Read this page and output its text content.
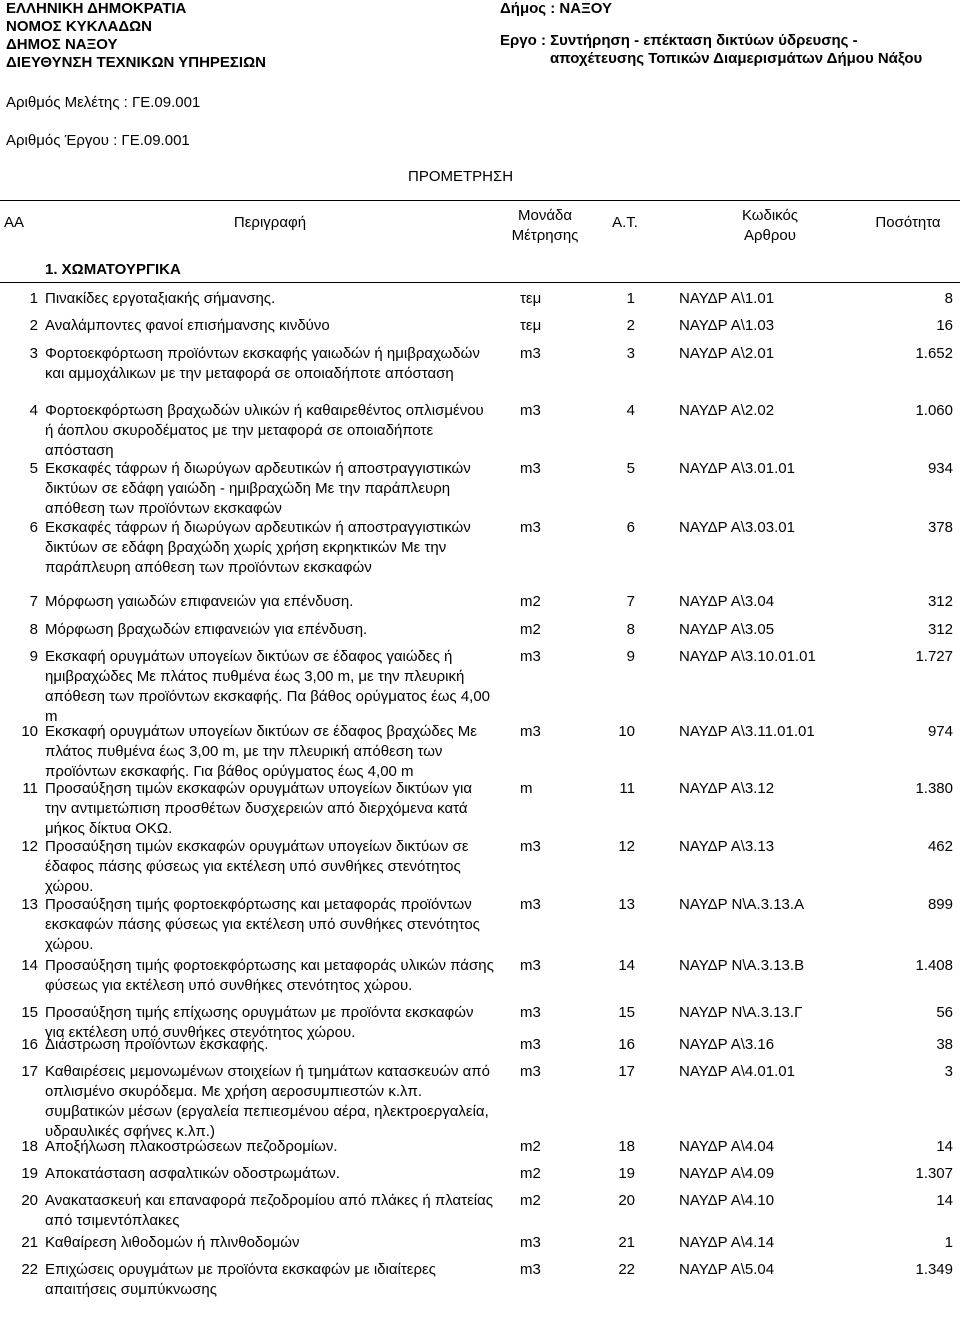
ΕΛΛΗΝΙΚΗ ΔΗΜΟΚΡΑΤΙΑ
ΝΟΜΟΣ ΚΥΚΛΑΔΩΝ
ΔΗΜΟΣ ΝΑΞΟΥ
ΔΙΕΥΘΥΝΣΗ ΤΕΧΝΙΚΩΝ ΥΠΗΡΕΣΙΩΝ
Δήμος : ΝΑΞΟΥ
Εργο : Συντήρηση - επέκταση δικτύων ύδρευσης -
αποχέτευσης Τοπικών Διαμερισμάτων Δήμου Νάξου
Αριθμός Μελέτης : ΓΕ.09.001
Αριθμός Έργου : ΓΕ.09.001
ΠΡΟΜΕΤΡΗΣΗ
ΑΑ	Περιγραφή	Μονάδα
Μέτρησης
Α.Τ.	Κωδικός
Αρθρου
Ποσότητα
1. ΧΩΜΑΤΟΥΡΓΙΚΑ
1 Πινακίδες εργοταξιακής σήμανσης.	τεμ	1	ΝΑΥΔΡ Α\1.01	8
2 Αναλάμποντες φανοί επισήμανσης κινδύνο	τεμ	2	ΝΑΥΔΡ Α\1.03	16
3 Φορτοεκφόρτωση προϊόντων εκσκαφής γαιωδών ή ημιβραχωδών και αμμοχάλικων με την μεταφορά σε οποιαδήποτε απόσταση
m3	3	ΝΑΥΔΡ Α\2.01	1.652
4 Φορτοεκφόρτωση βραχωδών υλικών ή καθαιρεθέντος οπλισμένου ή άοπλου σκυροδέματος με την μεταφορά σε οποιαδήποτε απόσταση
m3	4	ΝΑΥΔΡ Α\2.02	1.060
5 Εκσκαφές τάφρων ή διωρύγων αρδευτικών ή αποστραγγιστικών δικτύων σε εδάφη γαιώδη - ημιβραχώδη Με την παράπλευρη απόθεση των προϊόντων εκσκαφών
m3	5	ΝΑΥΔΡ Α\3.01.01	934
6 Εκσκαφές τάφρων ή διωρύγων αρδευτικών ή αποστραγγιστικών δικτύων σε εδάφη βραχώδη χωρίς χρήση εκρηκτικών Με την παράπλευρη απόθεση των προϊόντων εκσκαφών
m3	6	ΝΑΥΔΡ Α\3.03.01	378
7 Μόρφωση γαιωδών επιφανειών για επένδυση.	m2	7	ΝΑΥΔΡ Α\3.04	312
8 Μόρφωση βραχωδών επιφανειών για επένδυση.	m2	8	ΝΑΥΔΡ Α\3.05	312
9 Εκσκαφή ορυγμάτων υπογείων δικτύων σε έδαφος γαιώδες ή ημιβραχώδες Με πλάτος πυθμένα έως 3,00 m, με την πλευρική απόθεση των προϊόντων εκσκαφής. Πα βάθος ορύγματος έως 4,00 m
m3	9	ΝΑΥΔΡ Α\3.10.01.01	1.727
10 Εκσκαφή ορυγμάτων υπογείων δικτύων σε έδαφος βραχώδες Με πλάτος πυθμένα έως 3,00 m, με την πλευρική απόθεση των προϊόντων εκσκαφής. Για βάθος ορύγματος έως 4,00 m
m3	10	ΝΑΥΔΡ Α\3.11.01.01	974
11 Προσαύξηση τιμών εκσκαφών ορυγμάτων υπογείων δικτύων για την αντιμετώπιση προσθέτων δυσχερειών από διερχόμενα κατά μήκος δίκτυα ΟΚΩ.
m	11	ΝΑΥΔΡ Α\3.12	1.380
12 Προσαύξηση τιμών εκσκαφών ορυγμάτων υπογείων δικτύων σε έδαφος πάσης φύσεως για εκτέλεση υπό συνθήκες στενότητος χώρου.
m3	12	ΝΑΥΔΡ Α\3.13	462
13 Προσαύξηση τιμής φορτοεκφόρτωσης και μεταφοράς προϊόντων εκσκαφών πάσης φύσεως για εκτέλεση υπό συνθήκες στενότητος χώρου.
m3	13	ΝΑΥΔΡ Ν\Α.3.13.Α	899
14 Προσαύξηση τιμής φορτοεκφόρτωσης και μεταφοράς υλικών πάσης φύσεως για εκτέλεση υπό συνθήκες στενότητος χώρου.
m3	14	ΝΑΥΔΡ Ν\Α.3.13.Β	1.408
15 Προσαύξηση τιμής επίχωσης ορυγμάτων με προϊόντα εκσκαφών για εκτέλεση υπό συνθήκες στενότητος χώρου.
m3	15	ΝΑΥΔΡ Ν\Α.3.13.Γ	56
16 Διάστρωση προϊόντων εκσκαφής.	m3	16	ΝΑΥΔΡ Α\3.16	38
17 Καθαιρέσεις μεμονωμένων στοιχείων ή τμημάτων κατασκευών από οπλισμένο σκυρόδεμα. Με χρήση αεροσυμπιεστών κ.λπ. συμβατικών μέσων (εργαλεία πεπιεσμένου αέρα, ηλεκτροεργαλεία, υδραυλικές σφήνες κ.λπ.)
m3	17	ΝΑΥΔΡ Α\4.01.01	3
18 Αποξήλωση πλακοστρώσεων πεζοδρομίων.	m2	18	ΝΑΥΔΡ Α\4.04	14
19 Αποκατάσταση ασφαλτικών οδοστρωμάτων.	m2	19	ΝΑΥΔΡ Α\4.09	1.307
20 Ανακατασκευή και επαναφορά πεζοδρομίου από πλάκες ή πλατείας από τσιμεντόπλακες
m2	20	ΝΑΥΔΡ Α\4.10	14
21 Καθαίρεση λιθοδομών ή πλινθοδομών	m3	21	ΝΑΥΔΡ Α\4.14	1
22 Επιχώσεις ορυγμάτων με προϊόντα εκσκαφών με ιδιαίτερες απαιτήσεις συμπύκνωσης
m3	22	ΝΑΥΔΡ Α\5.04	1.349
